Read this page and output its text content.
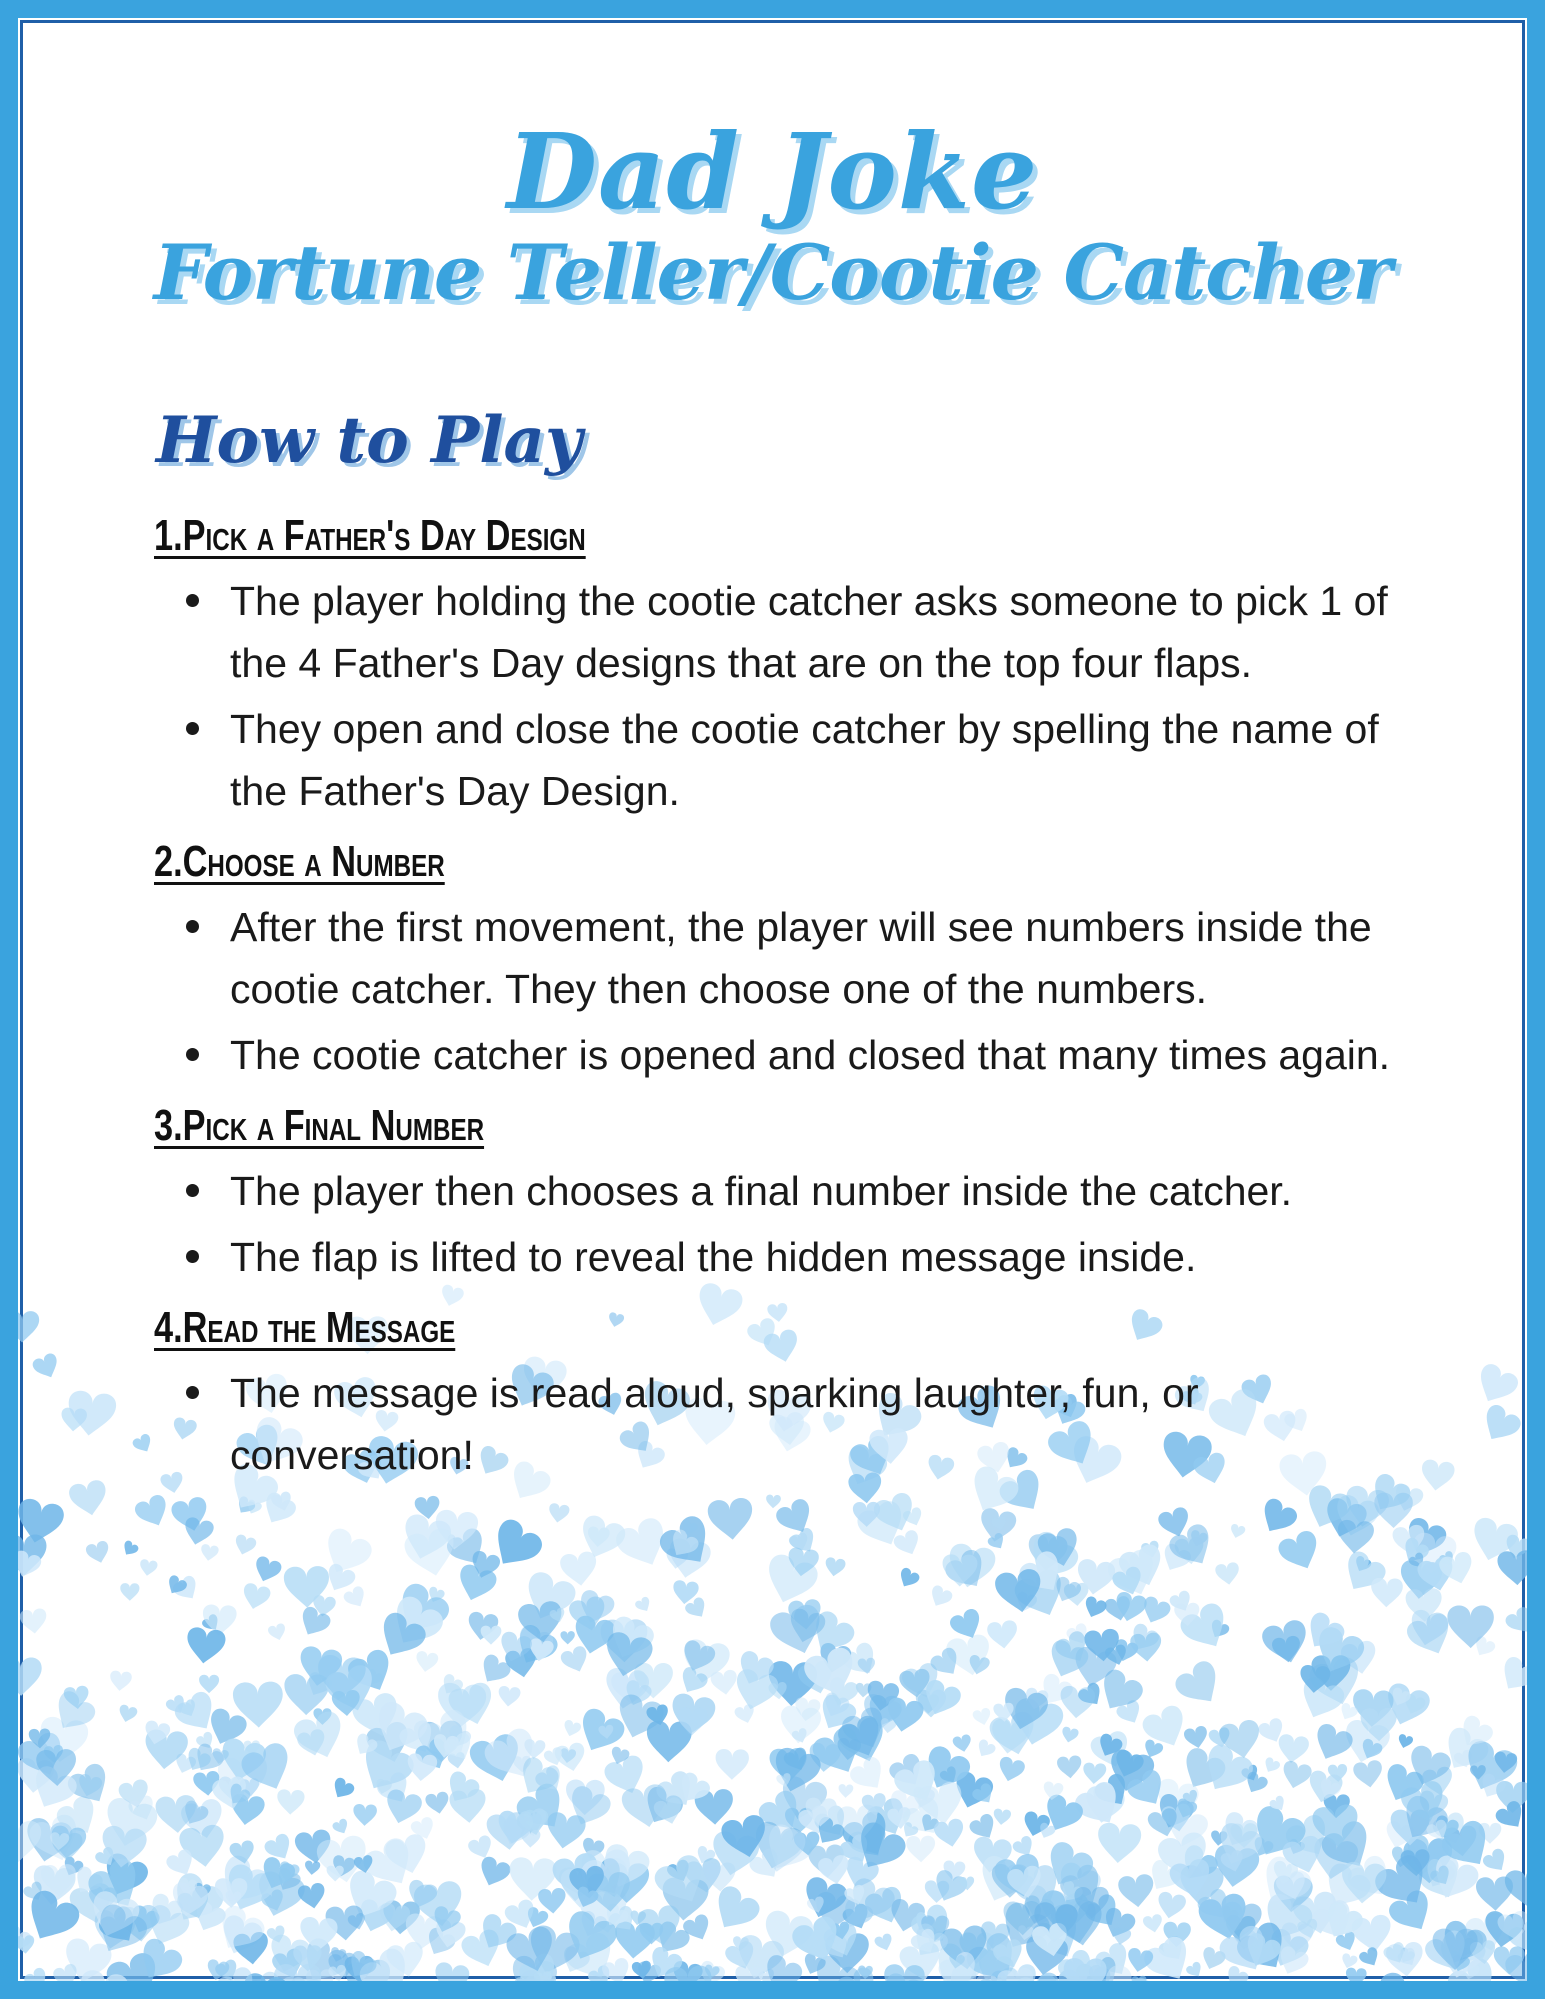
Dad Joke
Fortune Teller/Cootie Catcher
How to Play
1.Pick a Father's Day Design
The player holding the cootie catcher asks someone to pick 1 of the 4 Father's Day designs that are on the top four flaps.
They open and close the cootie catcher by spelling the name of the Father's Day Design.
2.Choose a Number
After the first movement, the player will see numbers inside the cootie catcher. They then choose one of the numbers.
The cootie catcher is opened and closed that many times again.
3.Pick a Final Number
The player then chooses a final number inside the catcher.
The flap is lifted to reveal the hidden message inside.
4.Read the Message
The message is read aloud, sparking laughter, fun, or conversation!
